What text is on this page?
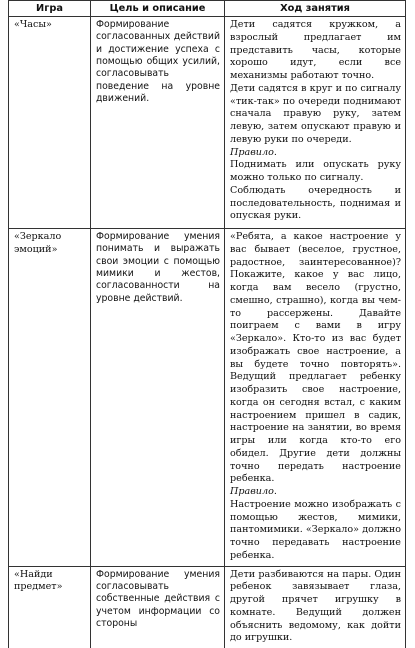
Игра	Цель и описание	Ход занятия
«Часы»	Формирование согласованных действий и достижение успеха с помощью общих усилий, согласовывать поведение на уровне движений.	Дети садятся кружком, а взрослый предлагает им представить часы, которые хорошо идут, если все механизмы работают точно.

Дети садятся в круг и по сигналу «тик-так» по очереди поднимают сначала правую руку, затем левую, затем опускают правую и левую руки по очереди.

Правило.

Поднимать или опускать руку можно только по сигналу.

Соблюдать очередность и последовательность, поднимая и опуская руки.

«Зеркало эмоций»	Формирование умения понимать и выражать свои эмоции с помощью мимики и жестов, согласованности на уровне действий.	«Ребята, а какое настроение у вас бывает (веселое, грустное, радостное, заинтересованное)? Покажите, какое у вас лицо, когда вам весело (грустно, смешно, страшно), когда вы чем-то рассержены. Давайте поиграем с вами в игру «Зеркало». Кто-то из вас будет изображать свое настроение, а вы будете точно повторять». Ведущий предлагает ребенку изобразить свое настроение, когда он сегодня встал, с каким настроением пришел в садик, настроение на занятии, во время игры или когда кто-то его обидел. Другие дети должны точно передать настроение ребенка.

Правило.

Настроение можно изображать с помощью жестов, мимики, пантомимики. «Зеркало» должно точно передавать настроение ребенка.

«Найди предмет»	Формирование умения согласовывать собственные действия с учетом информации со стороны	Дети разбиваются на пары. Один ребенок завязывает глаза, другой прячет игрушку в комнате. Ведущий должен объяснить ведомому, как дойти до игрушки.
